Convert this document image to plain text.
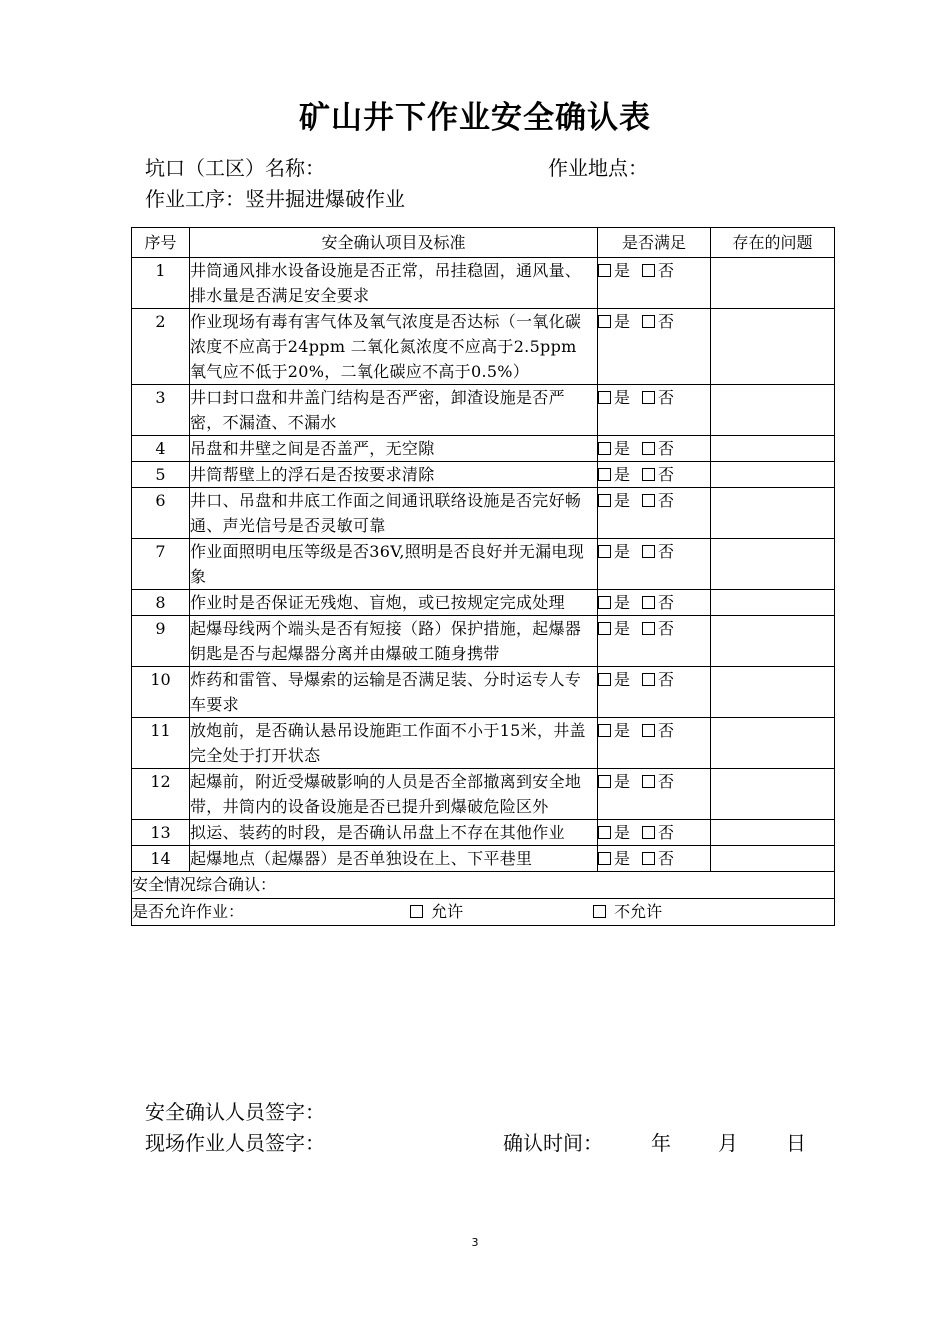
矿山井下作业安全确认表
坑口（工区）名称：	作业地点：
作业工序：竖井掘进爆破作业
序号	安全确认项目及标准	是否满足	存在的问题
1	井筒通风排水设备设施是否正常，吊挂稳固，通风量、排水量是否满足安全要求	是 否	
2	作业现场有毒有害气体及氧气浓度是否达标（一氧化碳浓度不应高于24ppm 二氧化氮浓度不应高于2.5ppm 氧气应不低于20%，二氧化碳应不高于0.5%）	是 否	
3	井口封口盘和井盖门结构是否严密，卸渣设施是否严密，不漏渣、不漏水	是 否	
4	吊盘和井壁之间是否盖严，无空隙	是 否	
5	井筒帮壁上的浮石是否按要求清除	是 否	
6	井口、吊盘和井底工作面之间通讯联络设施是否完好畅通、声光信号是否灵敏可靠	是 否	
7	作业面照明电压等级是否36V,照明是否良好并无漏电现象	是 否	
8	作业时是否保证无残炮、盲炮，或已按规定完成处理	是 否	
9	起爆母线两个端头是否有短接（路）保护措施，起爆器钥匙是否与起爆器分离并由爆破工随身携带	是 否	
10	炸药和雷管、导爆索的运输是否满足装、分时运专人专车要求	是 否	
11	放炮前，是否确认悬吊设施距工作面不小于15米，井盖完全处于打开状态	是 否	
12	起爆前，附近受爆破影响的人员是否全部撤离到安全地带，井筒内的设备设施是否已提升到爆破危险区外	是 否	
13	拟运、装药的时段，是否确认吊盘上不存在其他作业	是 否	
14	起爆地点（起爆器）是否单独设在上、下平巷里	是 否	
安全情况综合确认：			
是否允许作业： 允许 不允许			
安全确认人员签字：
现场作业人员签字：	确认时间： 年 月 日
3
